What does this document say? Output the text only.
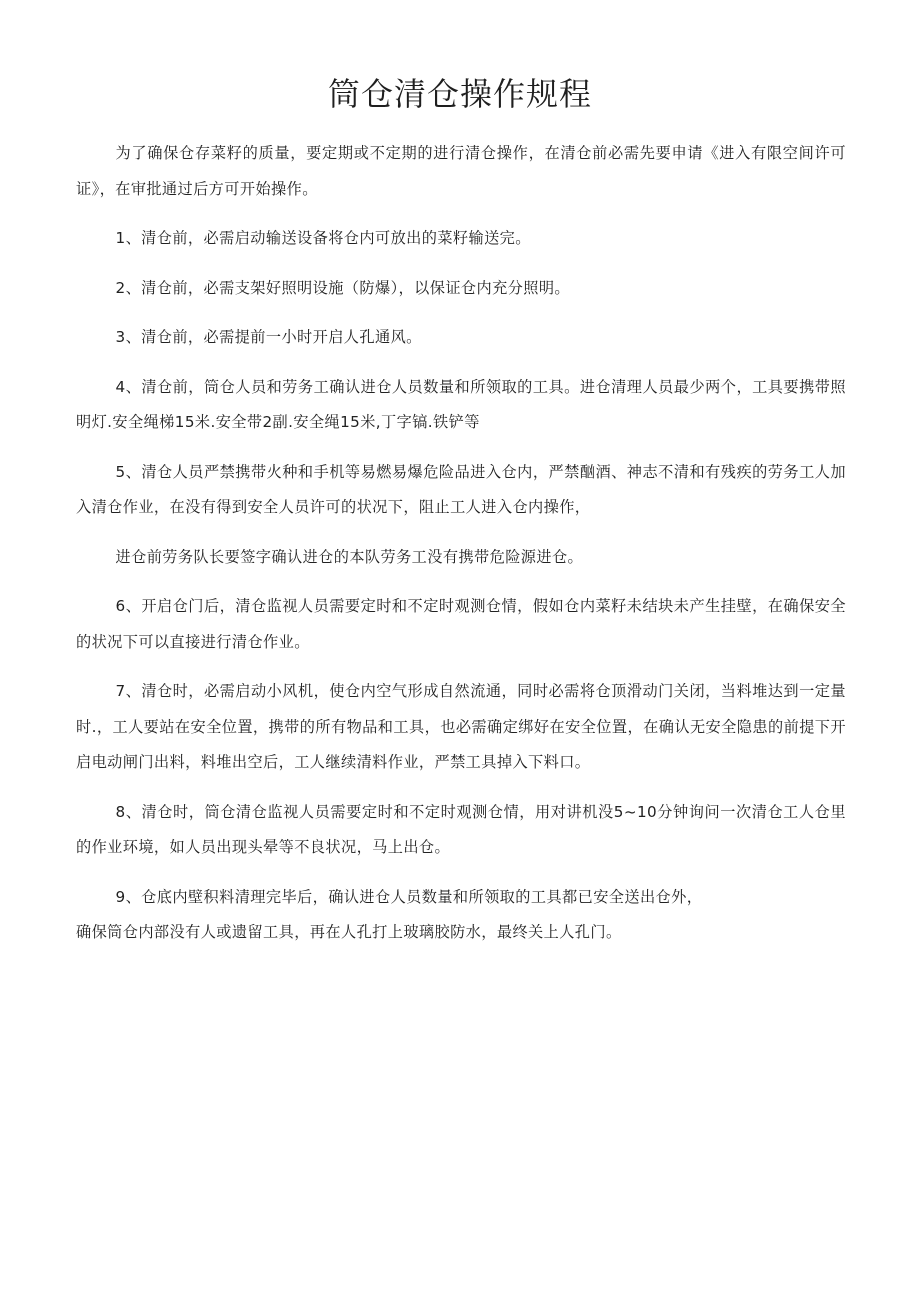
筒仓清仓操作规程

为了确保仓存菜籽的质量，要定期或不定期的进行清仓操作，在清仓前必需先要申请《进入有限空间许可证》，在审批通过后方可开始操作。

1、清仓前，必需启动输送设备将仓内可放出的菜籽输送完。

2、清仓前，必需支架好照明设施（防爆），以保证仓内充分照明。

3、清仓前，必需提前一小时开启人孔通风。

4、清仓前，筒仓人员和劳务工确认进仓人员数量和所领取的工具。进仓清理人员最少两个，工具要携带照明灯.安全绳梯15米.安全带2副.安全绳15米,丁字镐.铁铲等

5、清仓人员严禁携带火种和手机等易燃易爆危险品进入仓内，严禁酗酒、神志不清和有残疾的劳务工人加入清仓作业，在没有得到安全人员许可的状况下，阻止工人进入仓内操作，

进仓前劳务队长要签字确认进仓的本队劳务工没有携带危险源进仓。

6、开启仓门后，清仓监视人员需要定时和不定时观测仓情，假如仓内菜籽未结块未产生挂壁，在确保安全的状况下可以直接进行清仓作业。

7、清仓时，必需启动小风机，使仓内空气形成自然流通，同时必需将仓顶滑动门关闭，当料堆达到一定量时.，工人要站在安全位置，携带的所有物品和工具，也必需确定绑好在安全位置，在确认无安全隐患的前提下开启电动闸门出料，料堆出空后，工人继续清料作业，严禁工具掉入下料口。

8、清仓时，筒仓清仓监视人员需要定时和不定时观测仓情，用对讲机没5~10分钟询问一次清仓工人仓里的作业环境，如人员出现头晕等不良状况，马上出仓。

9、仓底内壁积料清理完毕后，确认进仓人员数量和所领取的工具都已安全送出仓外，

确保筒仓内部没有人或遗留工具，再在人孔打上玻璃胶防水，最终关上人孔门。
